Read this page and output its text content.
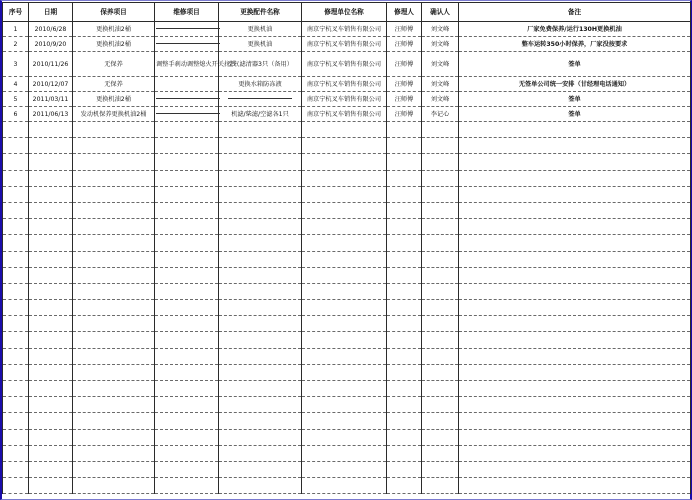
序号	日期	保养项目	维修项目	更换配件名称	修理单位名称	修理人	确认人	备注
1	2010/6/28	更换机油2桶		更换机油	南京宁杭叉车销售有限公司	汪师傅	刘文峰	厂家免费保养/运行130H更换机油
2	2010/9/20	更换机油2桶		更换机油	南京宁杭叉车销售有限公司	汪师傅	刘文峰	整车运转350小时保养，厂家没按要求
3	2010/11/26	无保养	调整手刹动调整熄火开关拉线	空气滤清器3只（备用）	南京宁杭叉车销售有限公司	汪师傅	刘文峰	签单
4	2010/12/07	无保养		更换水箱防冻液	南京宁杭叉车销售有限公司	汪师傅	刘文峰	无签单公司统一安排（甘经理电话通知）
5	2011/03/11	更换机油2桶			南京宁杭叉车销售有限公司	汪师傅	刘文峰	签单
6	2011/06/13	发动机保养更换机油2桶		机滤/柴滤/空滤各1只	南京宁杭叉车销售有限公司	汪师傅	李记心	签单
